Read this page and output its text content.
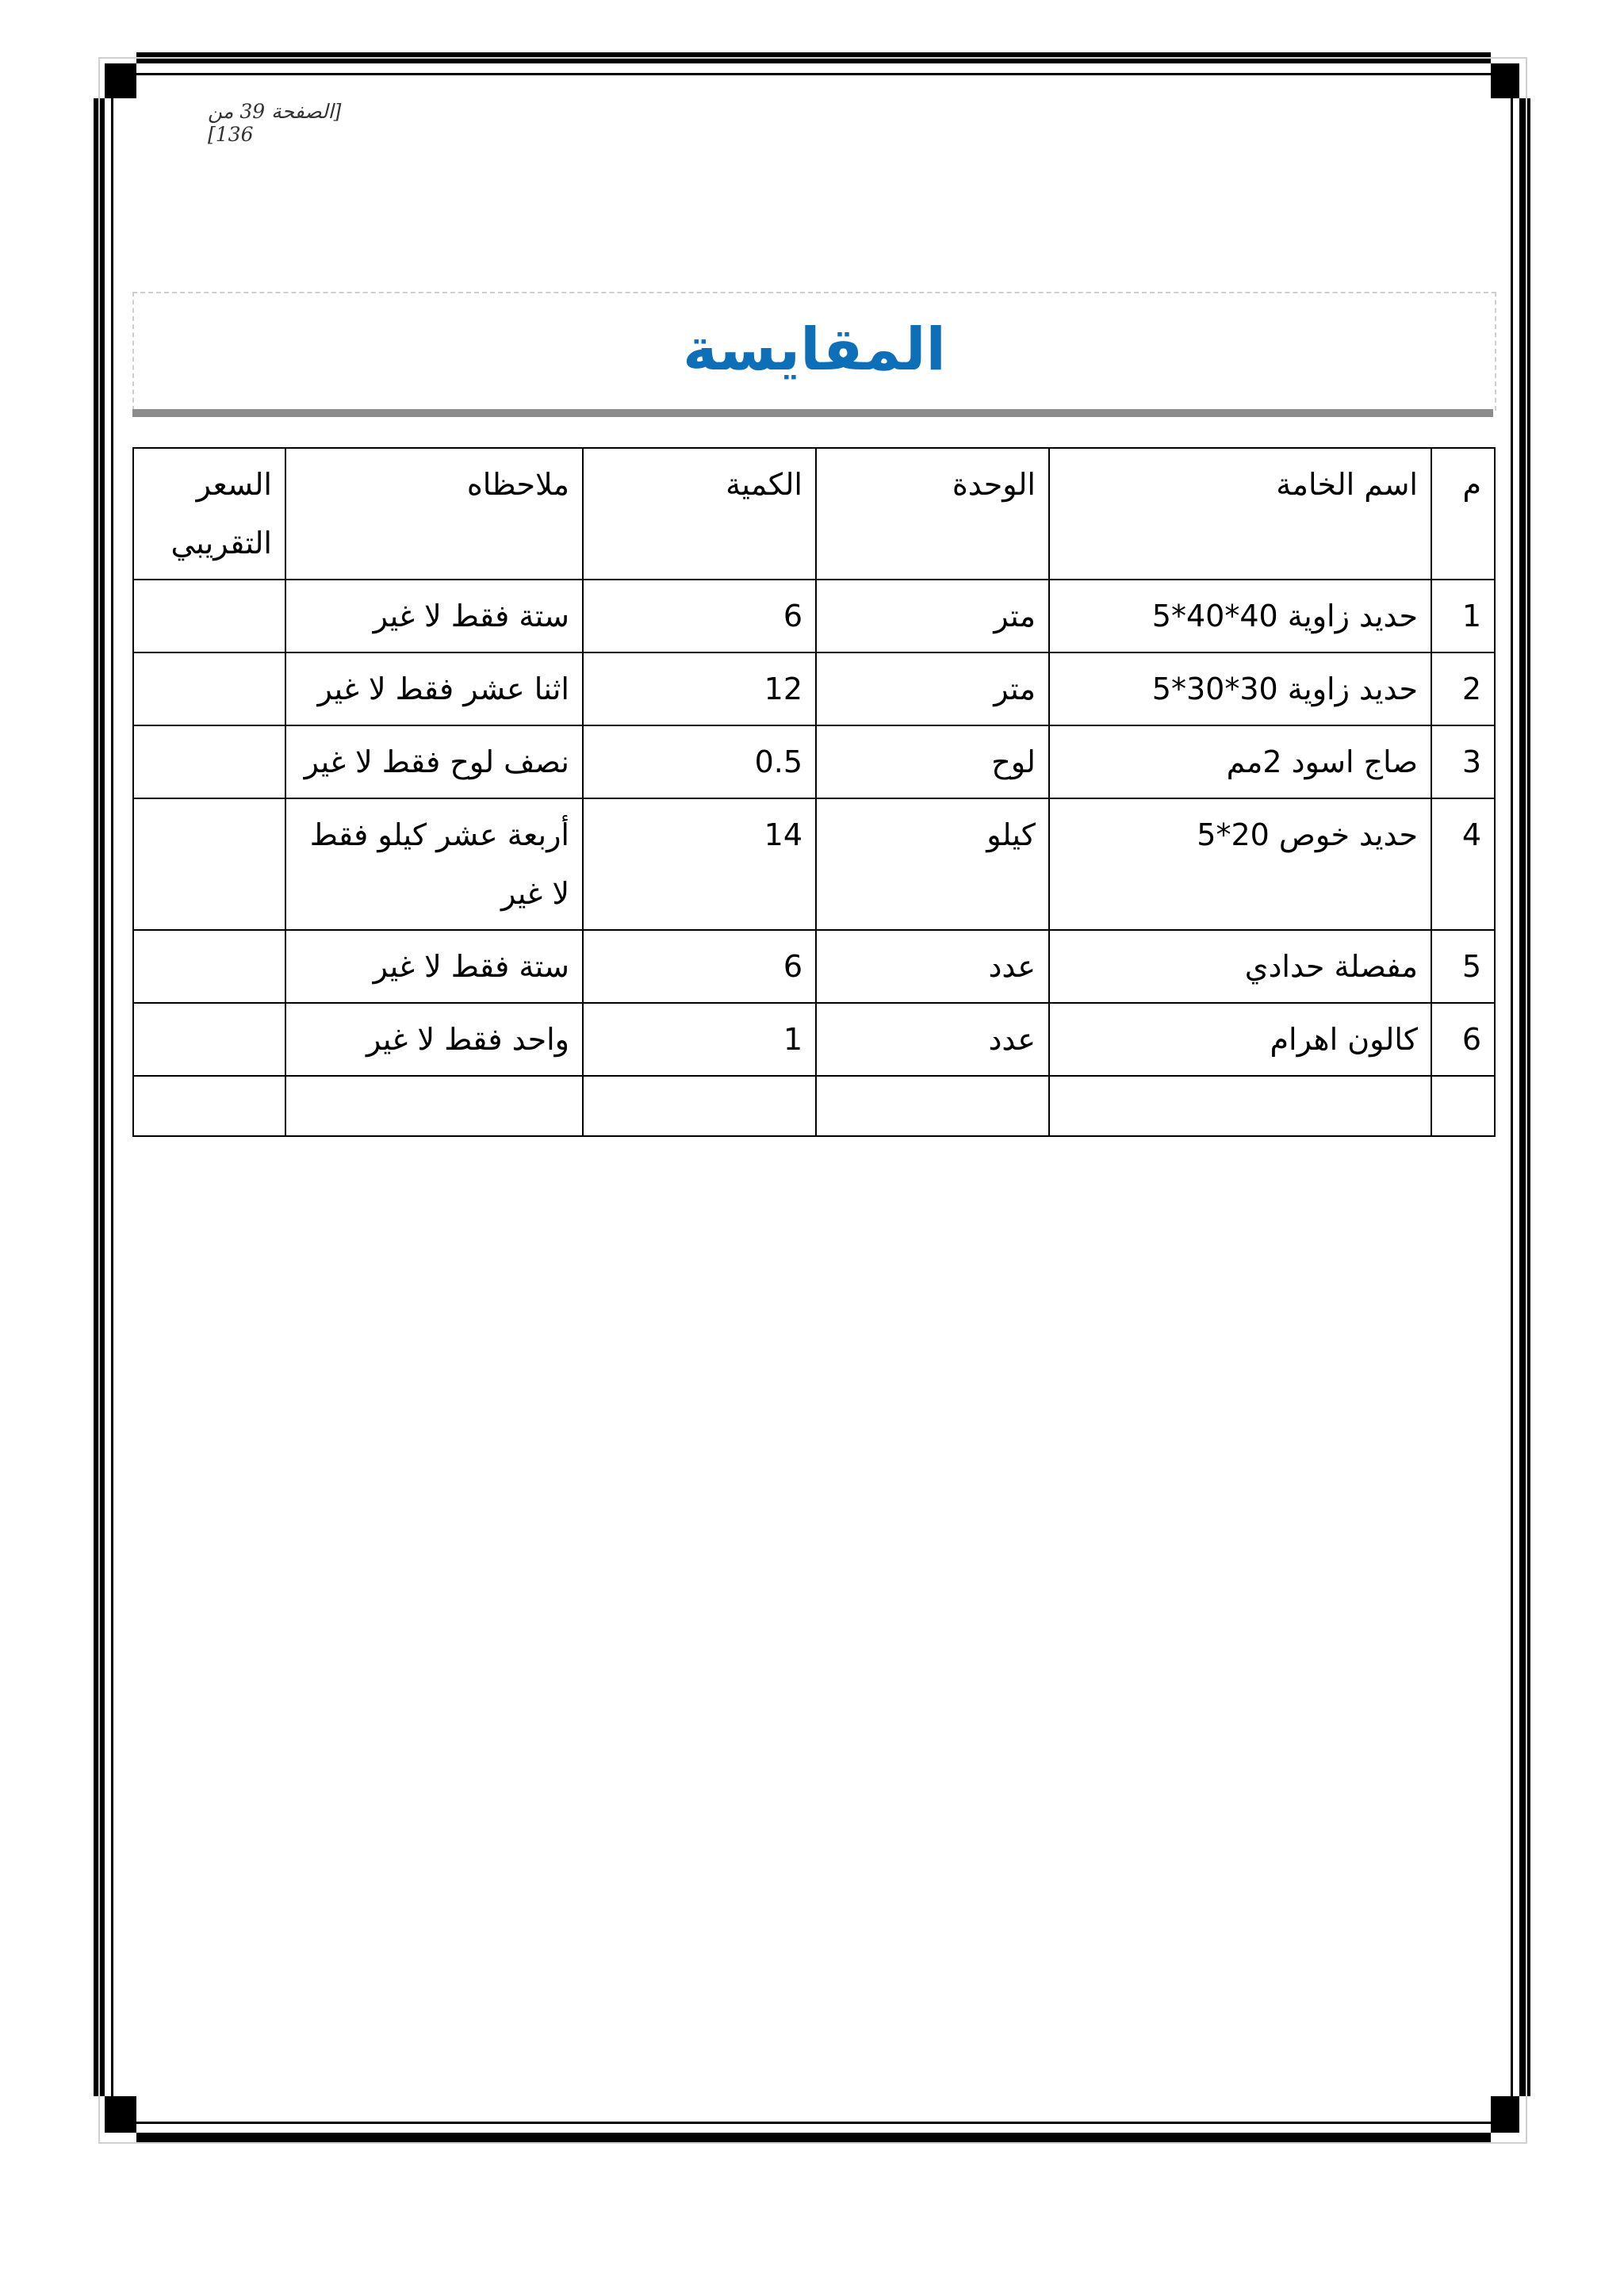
[الصفحة 39 من 136]
المقايسة
م	اسم الخامة	الوحدة	الكمية	ملاحظاه	السعر التقريبي
1	حديد زاوية 40*40*5	متر	6	ستة فقط لا غير	
2	حديد زاوية 30*30*5	متر	12	اثنا عشر فقط لا غير	
3	صاج اسود 2مم	لوح	0.5	نصف لوح فقط لا غير	
4	حديد خوص 20*5	كيلو	14	أربعة عشر كيلو فقط لا غير	
5	مفصلة حدادي	عدد	6	ستة فقط لا غير	
6	كالون اهرام	عدد	1	واحد فقط لا غير	
